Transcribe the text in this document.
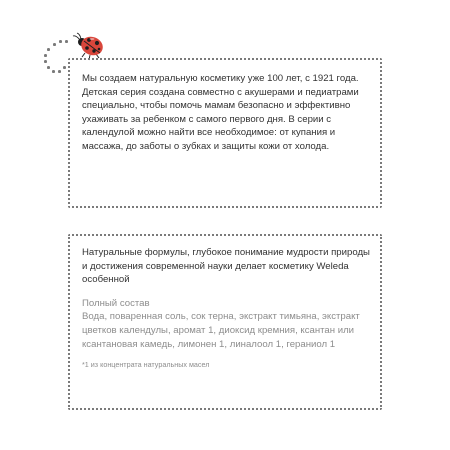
Мы создаем натуральную косметику уже 100 лет, с 1921 года. Детская серия создана совместно с акушерами и педиатрами специально, чтобы помочь мамам безопасно и эффективно ухаживать за ребенком с самого первого дня. В серии с календулой можно найти все необходимое: от купания и массажа, до заботы о зубках и защиты кожи от холода.

Натуральные формулы, глубокое понимание мудрости природы и достижения современной науки делает косметику Weleda особенной

Полный состав

Вода, поваренная соль, сок терна, экстракт тимьяна, экстракт цветков календулы, аромат 1, диоксид кремния, ксантан или ксантановая камедь, лимонен 1, линалоол 1, гераниол 1

*1 из концентрата натуральных масел
